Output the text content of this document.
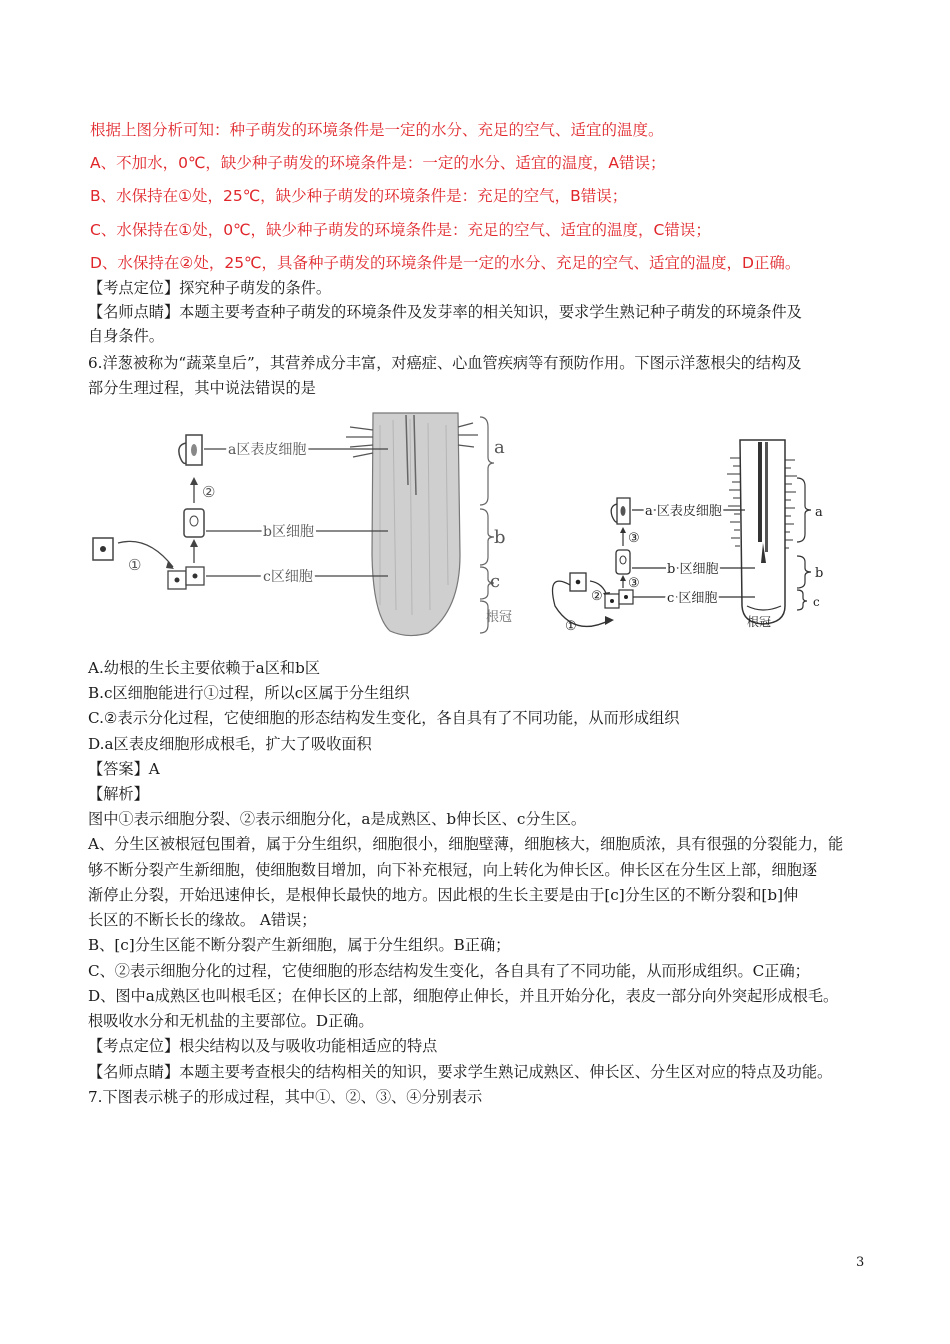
根据上图分析可知：种子萌发的环境条件是一定的水分、充足的空气、适宜的温度。
A、不加水，0℃，缺少种子萌发的环境条件是：一定的水分、适宜的温度，A错误；
B、水保持在①处，25℃，缺少种子萌发的环境条件是：充足的空气，B错误；
C、水保持在①处，0℃，缺少种子萌发的环境条件是：充足的空气、适宜的温度，C错误；
D、水保持在②处，25℃，具备种子萌发的环境条件是一定的水分、充足的空气、适宜的温度，D正确。
【考点定位】探究种子萌发的条件。
【名师点睛】本题主要考查种子萌发的环境条件及发芽率的相关知识，要求学生熟记种子萌发的环境条件及
自身条件。
6.洋葱被称为“蔬菜皇后”，其营养成分丰富，对癌症、心血管疾病等有预防作用。下图示洋葱根尖的结构及
部分生理过程，其中说法错误的是
a
b
c
根冠
①
c区细胞
b区细胞
②
a区表皮细胞
a
b
c
根冠
①
②	c 区细胞
③
b 区细胞
③
a 区表皮细胞
A.幼根的生长主要依赖于a区和b区
B.c区细胞能进行①过程，所以c区属于分生组织
C.②表示分化过程，它使细胞的形态结构发生变化，各自具有了不同功能，从而形成组织
D.a区表皮细胞形成根毛，扩大了吸收面积
【答案】A
【解析】
图中①表示细胞分裂、②表示细胞分化，a是成熟区、b伸长区、c分生区。
A、分生区被根冠包围着，属于分生组织，细胞很小，细胞壁薄，细胞核大，细胞质浓，具有很强的分裂能力，能
够不断分裂产生新细胞，使细胞数目增加，向下补充根冠，向上转化为伸长区。伸长区在分生区上部，细胞逐
渐停止分裂，开始迅速伸长，是根伸长最快的地方。因此根的生长主要是由于[c]分生区的不断分裂和[b]伸
长区的不断长长的缘故。 A错误；
B、[c]分生区能不断分裂产生新细胞，属于分生组织。B正确；
C、②表示细胞分化的过程，它使细胞的形态结构发生变化，各自具有了不同功能，从而形成组织。C正确；
D、图中a成熟区也叫根毛区；在伸长区的上部，细胞停止伸长，并且开始分化，表皮一部分向外突起形成根毛。
根吸收水分和无机盐的主要部位。D正确。
【考点定位】根尖结构以及与吸收功能相适应的特点
【名师点睛】本题主要考查根尖的结构相关的知识，要求学生熟记成熟区、伸长区、分生区对应的特点及功能。
7.下图表示桃子的形成过程，其中①、②、③、④分别表示
3
